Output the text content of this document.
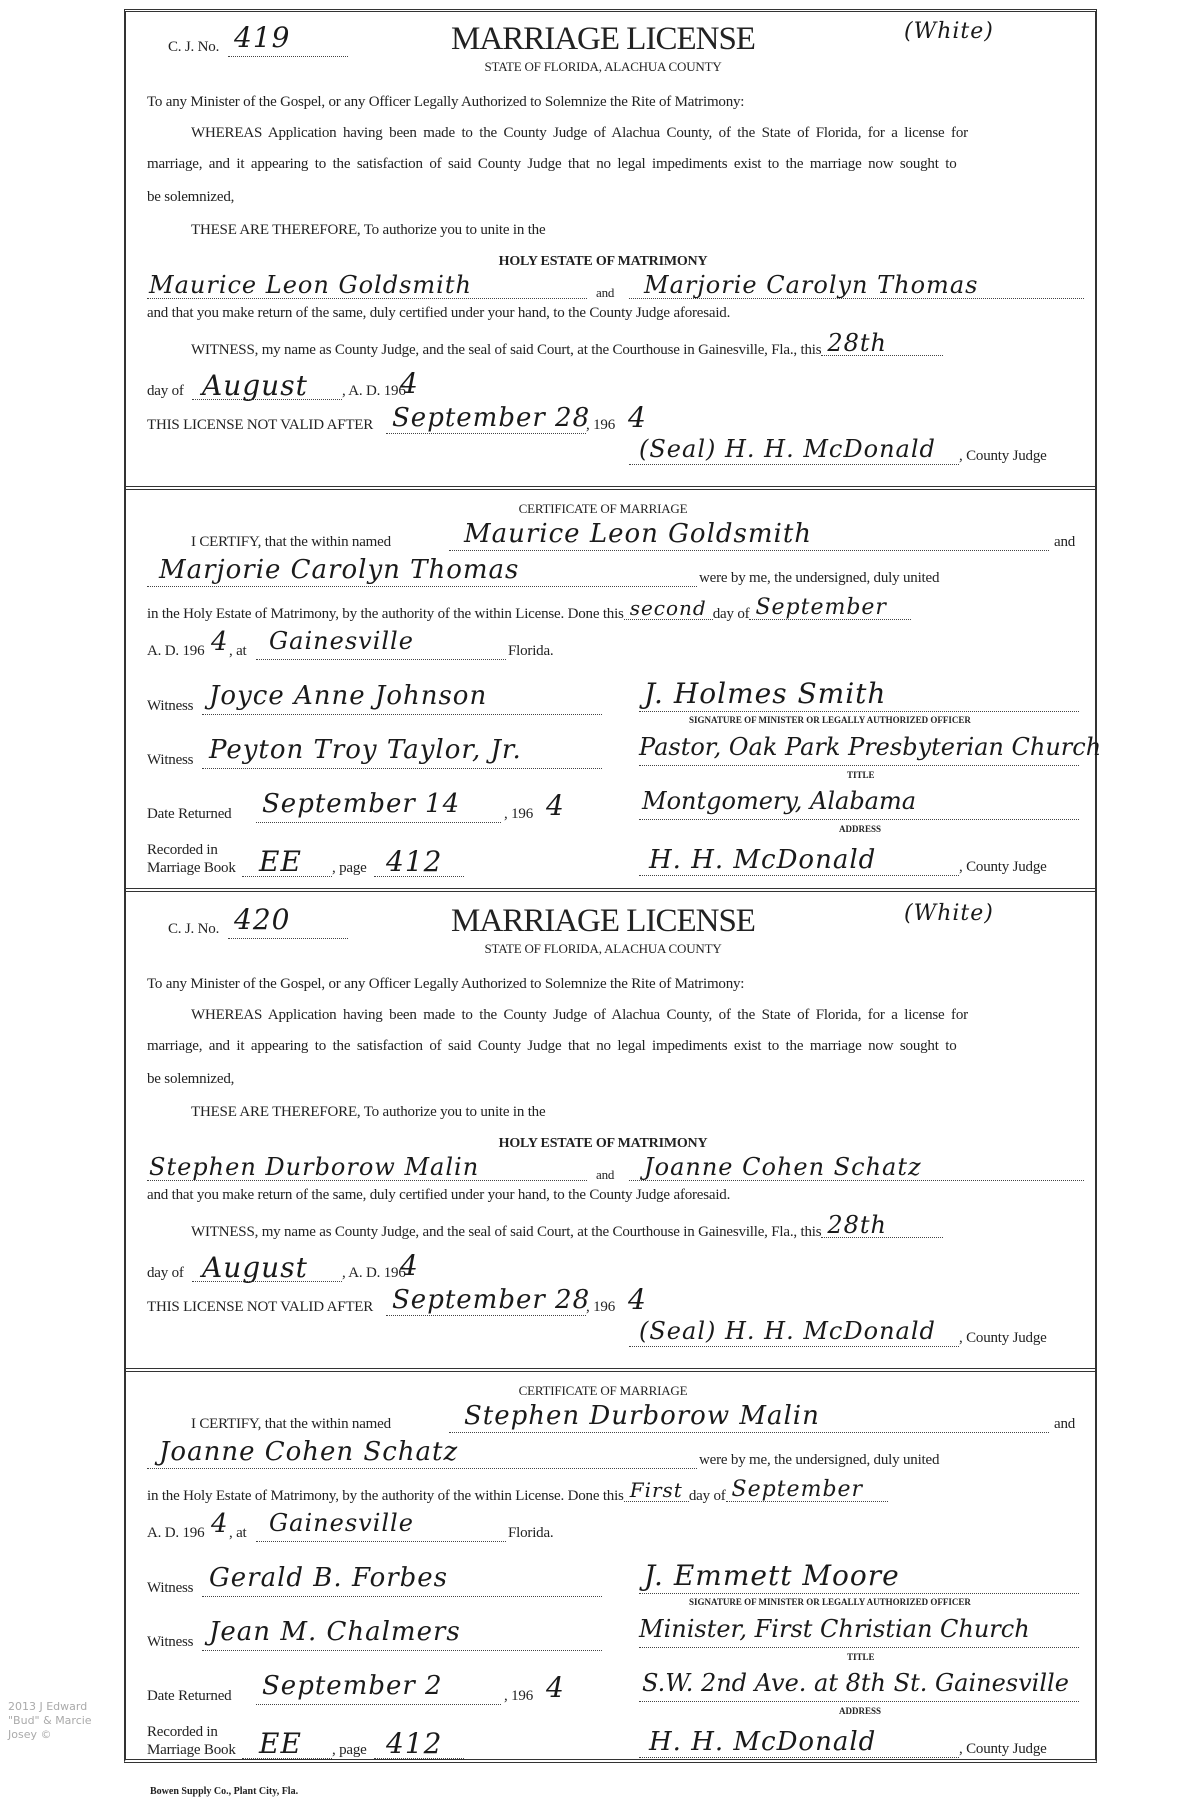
C. J. No. 419	MARRIAGE LICENSE	(White)
STATE OF FLORIDA, ALACHUA COUNTY
To any Minister of the Gospel, or any Officer Legally Authorized to Solemnize the Rite of Matrimony:
WHEREAS Application having been made to the County Judge of Alachua County, of the State of Florida, for a license for
marriage, and it appearing to the satisfaction of said County Judge that no legal impediments exist to the marriage now sought to
be solemnized,
THESE ARE THEREFORE, To authorize you to unite in the
HOLY ESTATE OF MATRIMONY
Maurice Leon Goldsmith	and Marjorie Carolyn Thomas
and that you make return of the same, duly certified under your hand, to the County Judge aforesaid.
WITNESS, my name as County Judge, and the seal of said Court, at the Courthouse in Gainesville, Fla., this 28th
day of August , A. D. 196
4
THIS LICENSE NOT VALID AFTER September 28
, 196 4
(Seal) H. H. McDonald , County Judge
CERTIFICATE OF MARRIAGE
I CERTIFY, that the within named	Maurice Leon Goldsmith	and
Marjorie Carolyn Thomas	were by me, the undersigned, duly united
in the Holy Estate of Matrimony, by the authority of the within License. Done this second day of September
A. D. 196 4 , at Gainesville	Florida.
Witness Joyce Anne Johnson	J. Holmes Smith
SIGNATURE OF MINISTER OR LEGALLY AUTHORIZED OFFICER
Witness Peyton Troy Taylor, Jr.	Pastor, Oak Park Presbyterian Church
TITLE
Date Returned September 14	, 196 4	Montgomery, Alabama
ADDRESS
Recorded in
Marriage Book EE , page 412	H. H. McDonald	, County Judge
C. J. No. 420	MARRIAGE LICENSE	(White)
STATE OF FLORIDA, ALACHUA COUNTY
To any Minister of the Gospel, or any Officer Legally Authorized to Solemnize the Rite of Matrimony:
WHEREAS Application having been made to the County Judge of Alachua County, of the State of Florida, for a license for
marriage, and it appearing to the satisfaction of said County Judge that no legal impediments exist to the marriage now sought to
be solemnized,
THESE ARE THEREFORE, To authorize you to unite in the
HOLY ESTATE OF MATRIMONY
Stephen Durborow Malin	and Joanne Cohen Schatz
and that you make return of the same, duly certified under your hand, to the County Judge aforesaid.
WITNESS, my name as County Judge, and the seal of said Court, at the Courthouse in Gainesville, Fla., this 28th
day of August , A. D. 196
4
THIS LICENSE NOT VALID AFTER September 28
, 196 4
(Seal) H. H. McDonald , County Judge
CERTIFICATE OF MARRIAGE
I CERTIFY, that the within named	Stephen Durborow Malin	and
Joanne Cohen Schatz	were by me, the undersigned, duly united
in the Holy Estate of Matrimony, by the authority of the within License. Done this First day of September
A. D. 196 4 , at Gainesville	Florida.
Witness Gerald B. Forbes	J. Emmett Moore
SIGNATURE OF MINISTER OR LEGALLY AUTHORIZED OFFICER
Witness Jean M. Chalmers	Minister, First Christian Church
TITLE
Date Returned September 2	, 196 4	S.W. 2nd Ave. at 8th St. Gainesville
ADDRESS
Recorded in
Marriage Book EE , page 412	H. H. McDonald	, County Judge
2013 J Edward "Bud" & Marcie Josey ©
Bowen Supply Co., Plant City, Fla.
